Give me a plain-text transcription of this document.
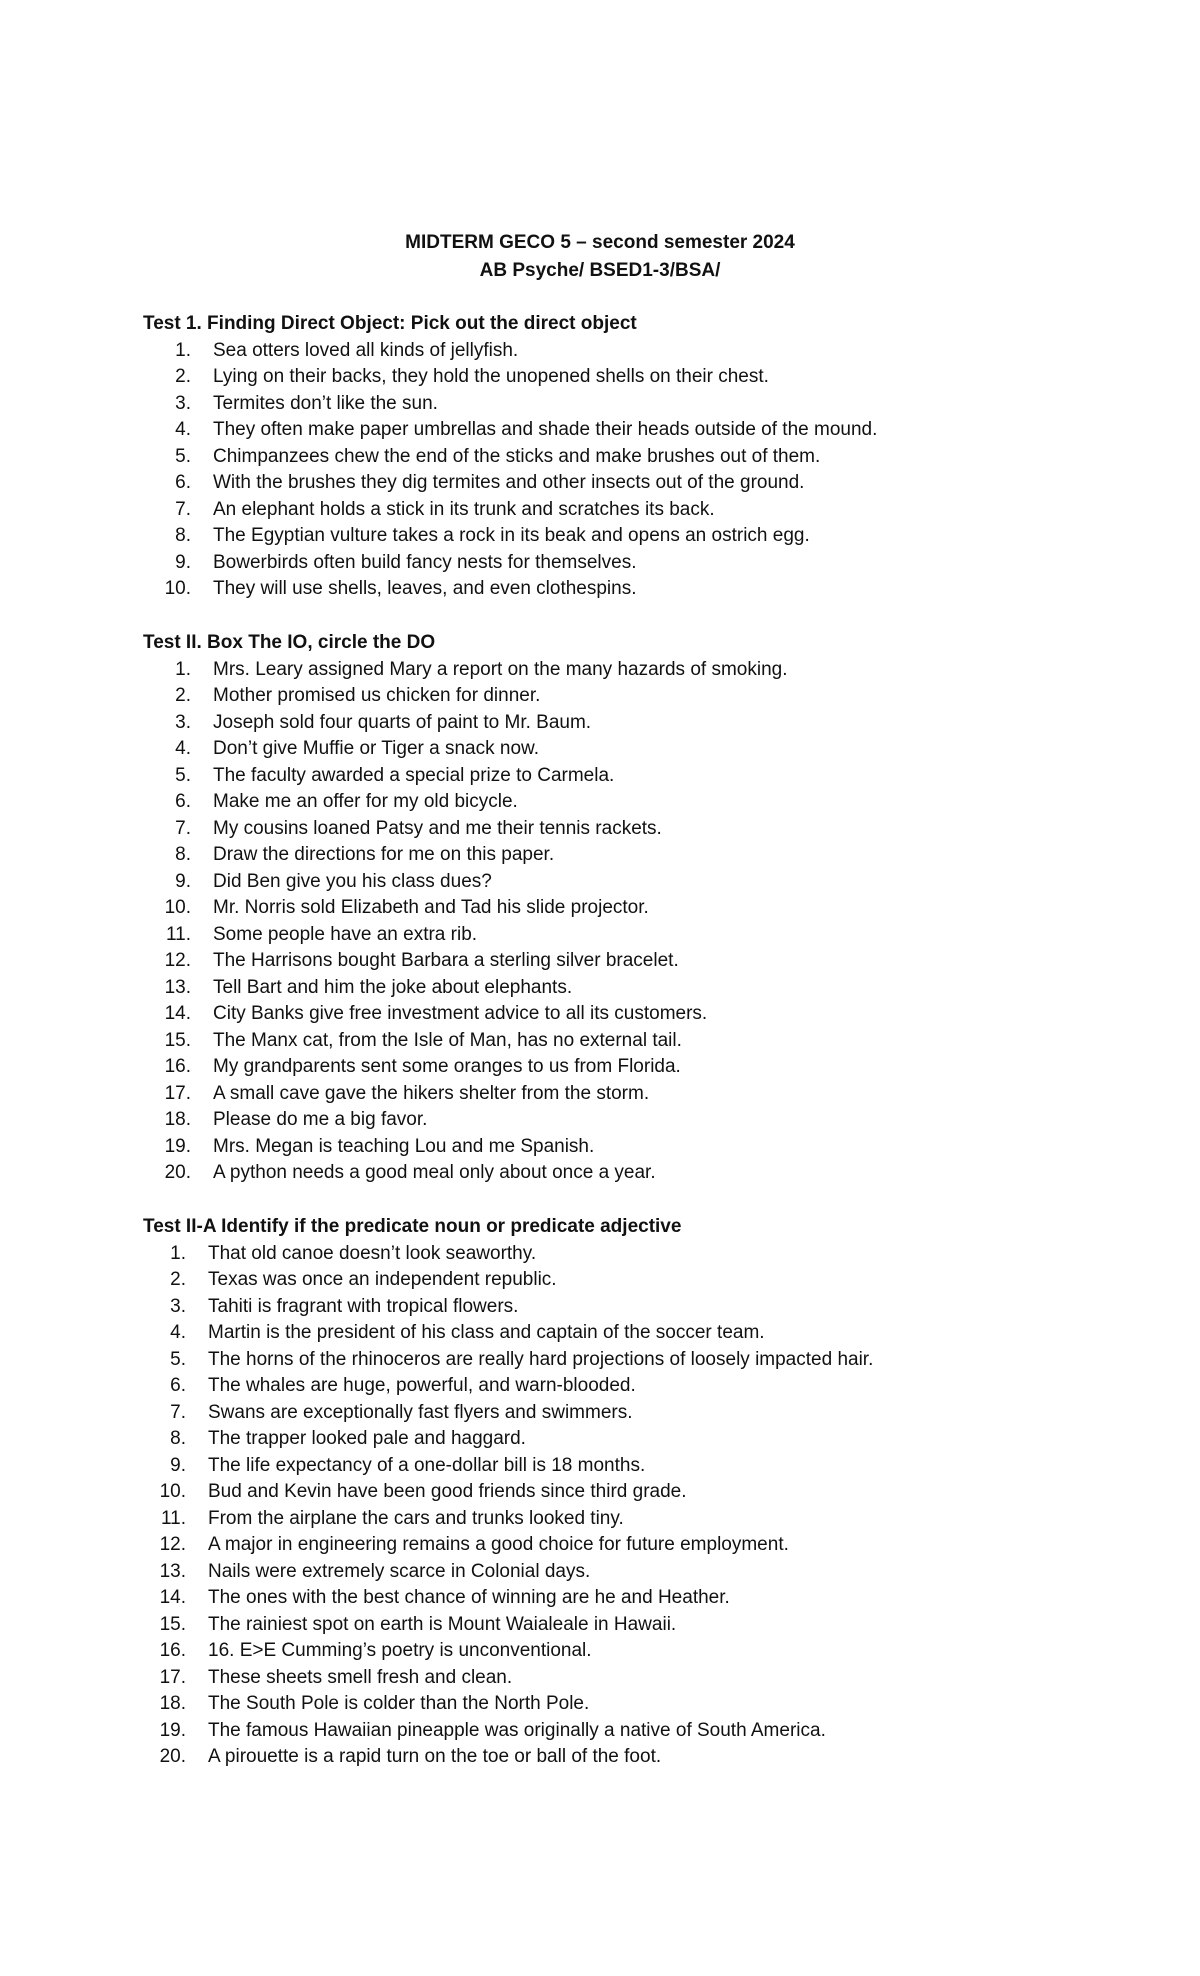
MIDTERM GECO 5 – second semester 2024
AB Psyche/ BSED1-3/BSA/
Test 1. Finding Direct Object: Pick out the direct object
1. Sea otters loved all kinds of jellyfish.
2. Lying on their backs, they hold the unopened shells on their chest.
3. Termites don’t like the sun.
4. They often make paper umbrellas and shade their heads outside of the mound.
5. Chimpanzees chew the end of the sticks and make brushes out of them.
6. With the brushes they dig termites and other insects out of the ground.
7. An elephant holds a stick in its trunk and scratches its back.
8. The Egyptian vulture takes a rock in its beak and opens an ostrich egg.
9. Bowerbirds often build fancy nests for themselves.
10. They will use shells, leaves, and even clothespins.
Test II. Box The IO, circle the DO
1. Mrs. Leary assigned Mary a report on the many hazards of smoking.
2. Mother promised us chicken for dinner.
3. Joseph sold four quarts of paint to Mr. Baum.
4. Don’t give Muffie or Tiger a snack now.
5. The faculty awarded a special prize to Carmela.
6. Make me an offer for my old bicycle.
7. My cousins loaned Patsy and me their tennis rackets.
8. Draw the directions for me on this paper.
9. Did Ben give you his class dues?
10. Mr. Norris sold Elizabeth and Tad his slide projector.
11. Some people have an extra rib.
12. The Harrisons bought Barbara a sterling silver bracelet.
13. Tell Bart and him the joke about elephants.
14. City Banks give free investment advice to all its customers.
15. The Manx cat, from the Isle of Man, has no external tail.
16. My grandparents sent some oranges to us from Florida.
17. A small cave gave the hikers shelter from the storm.
18. Please do me a big favor.
19. Mrs. Megan is teaching Lou and me Spanish.
20. A python needs a good meal only about once a year.
Test II-A Identify if the predicate noun or predicate adjective
1. That old canoe doesn’t look seaworthy.
2. Texas was once an independent republic.
3. Tahiti is fragrant with tropical flowers.
4. Martin is the president of his class and captain of the soccer team.
5. The horns of the rhinoceros are really hard projections of loosely impacted hair.
6. The whales are huge, powerful, and warn-blooded.
7. Swans are exceptionally fast flyers and swimmers.
8. The trapper looked pale and haggard.
9. The life expectancy of a one-dollar bill is 18 months.
10. Bud and Kevin have been good friends since third grade.
11. From the airplane the cars and trunks looked tiny.
12. A major in engineering remains a good choice for future employment.
13. Nails were extremely scarce in Colonial days.
14. The ones with the best chance of winning are he and Heather.
15. The rainiest spot on earth is Mount Waialeale in Hawaii.
16. 16. E>E Cumming’s poetry is unconventional.
17. These sheets smell fresh and clean.
18. The South Pole is colder than the North Pole.
19. The famous Hawaiian pineapple was originally a native of South America.
20. A pirouette is a rapid turn on the toe or ball of the foot.
